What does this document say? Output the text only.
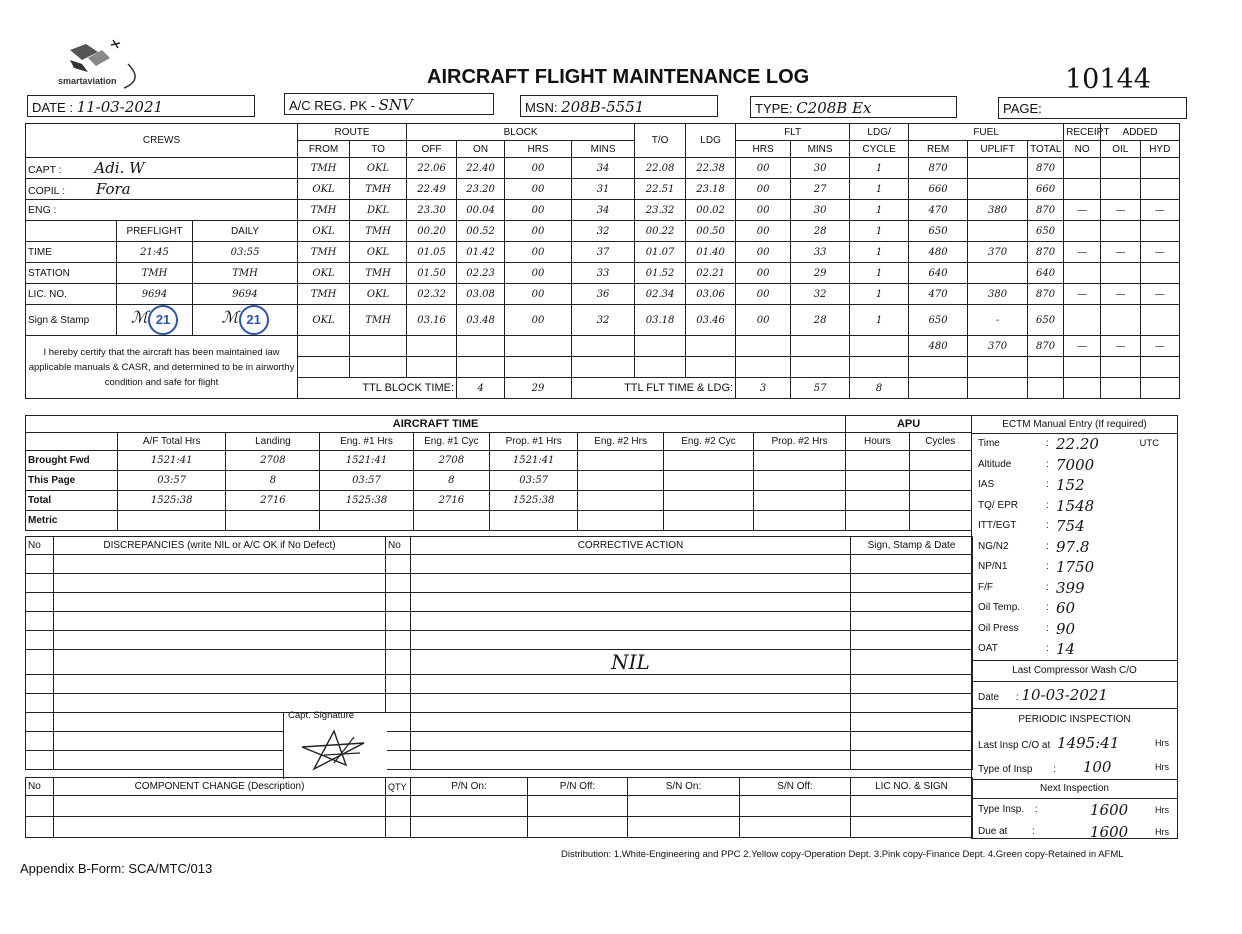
smartaviation	AIRCRAFT FLIGHT MAINTENANCE LOG	10144
DATE : 11-03-2021	A/C REG. PK - SNV	MSN: 208B-5551	TYPE: C208B Ex	PAGE:
CREWS			ROUTE		BLOCK				T/O	LDG	FLT		LDG/	FUEL			RECEIPT	ADDED	
			FROM	TO	OFF	ON	HRS	MINS			HRS	MINS	CYCLE	REM	UPLIFT	TOTAL	NO	OIL	HYD
CAPT : Adi. W			TMH	OKL	22.06	22.40	00	34	22.08	22.38	00	30	1	870		870			
COPIL : Fora			OKL	TMH	22.49	23.20	00	31	22.51	23.18	00	27	1	660		660			
ENG :			TMH	DKL	23.30	00.04	00	34	23.32	00.02	00	30	1	470	380	870	—	—	—
	PREFLIGHT	DAILY	OKL	TMH	00.20	00.52	00	32	00.22	00.50	00	28	1	650		650			
TIME	21:45	03:55	TMH	OKL	01.05	01.42	00	37	01.07	01.40	00	33	1	480	370	870	—	—	—
STATION	TMH	TMH	OKL	TMH	01.50	02.23	00	33	01.52	02.21	00	29	1	640		640			
LIC. NO.	9694	9694	TMH	OKL	02.32	03.08	00	36	02.34	03.06	00	32	1	470	380	870	—	—	—
Sign & Stamp	ℳ 21	ℳ 21	OKL	TMH	03.16	03.48	00	32	03.18	03.46	00	28	1	650	-	650			
I hereby certify that the aircraft has been maintained iaw applicable manuals & CASR, and determined to be in airworthy condition and safe for flight														480	370	870	—	—	—

			TTL BLOCK TIME:			4	29	TTL FLT TIME & LDG:			3	57	8						
AIRCRAFT TIME									APU	
	A/F Total Hrs	Landing	Eng. #1 Hrs	Eng. #1 Cyc	Prop. #1 Hrs	Eng. #2 Hrs	Eng. #2 Cyc	Prop. #2 Hrs	Hours	Cycles
Brought Fwd	1521:41	2708	1521:41	2708	1521:41					
This Page	03:57	8	03:57	8	03:57					
Total	1525:38	2716	1525:38	2716	1525:38					
Metric										
No	DISCREPANCIES (write NIL or A/C OK if No Defect)	No	CORRECTIVE ACTION	Sign, Stamp & Date

			NIL	

Capt. Signature
No	COMPONENT CHANGE (Description)	QTY	P/N On:	P/N Off:	S/N On:	S/N Off:	LIC NO. & SIGN

ECTM Manual Entry (If required)
Time	: 22.20	UTC
Altitude	: 7000
IAS	: 152
TQ/ EPR	: 1548
ITT/EGT	: 754
NG/N2	: 97.8
NP/N1	: 1750
F/F	: 399
Oil Temp.	: 60
Oil Press	: 90
OAT	: 14
Last Compressor Wash C/O
Date : 10-03-2021
PERIODIC INSPECTION
Last Insp C/O at 1495:41	Hrs
Type of Insp : 100	Hrs
Next Inspection
Type Insp. :	1600	Hrs
Due at :	1600	Hrs
Distribution: 1.White-Engineering and PPC 2.Yellow copy-Operation Dept. 3.Pink copy-Finance Dept. 4.Green copy-Retained in AFML
Appendix B-Form: SCA/MTC/013
